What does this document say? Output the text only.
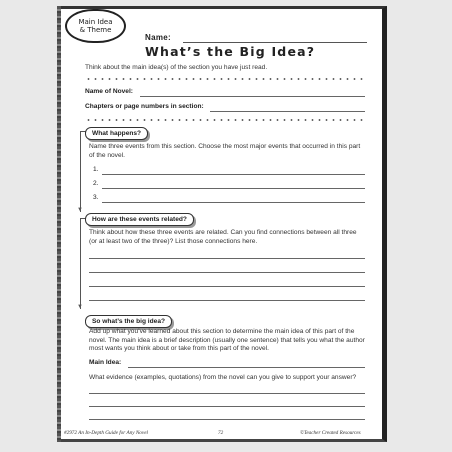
Main Idea
& Theme
Name:
What’s the Big Idea?
Think about the main idea(s) of the section you have just read.
Name of Novel:
Chapters or page numbers in section:
▼
What happens?
Name three events from this section. Choose the most major events that occurred in this part of the novel.
1.
2.
3.
▼
How are these events related?
Think about how these three events are related. Can you find connections between all three (or at least two of the three)? List those connections here.
So what’s the big idea?
Add up what you’ve learned about this section to determine the main idea of this part of the novel. The main idea is a brief description (usually one sentence) that tells you what the author most wants you think about or take from this part of the novel.
Main Idea:
What evidence (examples, quotations) from the novel can you give to support your answer?
#2972 An In-Depth Guide for Any Novel	72	©Teacher Created Resources
